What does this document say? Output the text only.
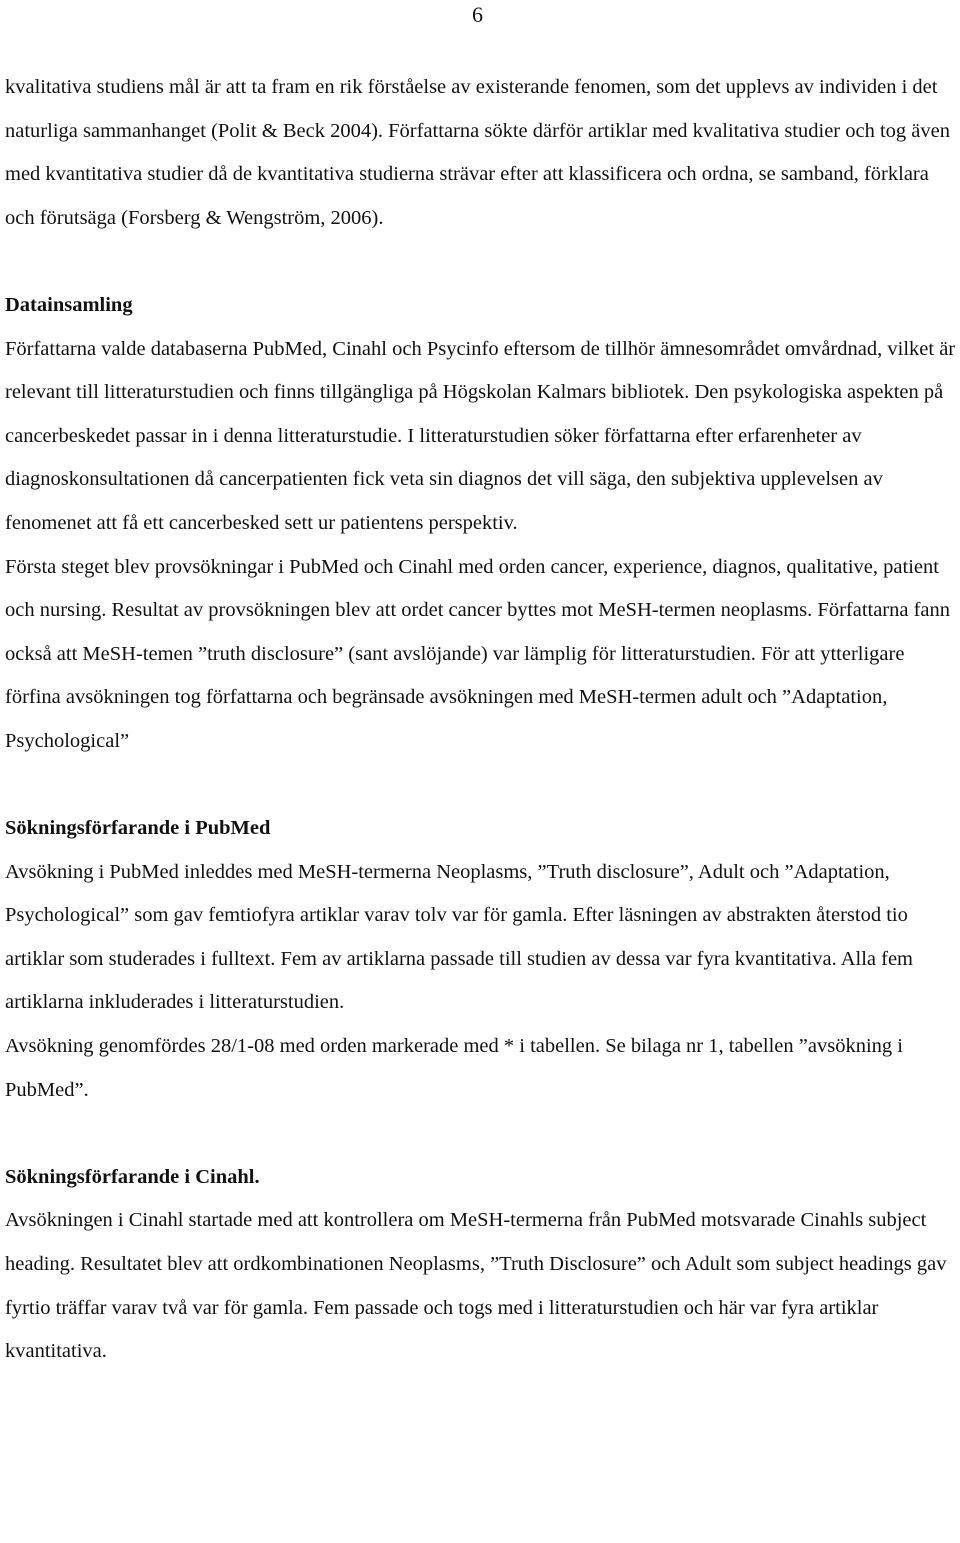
6

kvalitativa studiens mål är att ta fram en rik förståelse av existerande fenomen, som det upplevs av individen i det naturliga sammanhanget (Polit & Beck 2004). Författarna sökte därför artiklar med kvalitativa studier och tog även med kvantitativa studier då de kvantitativa studierna strävar efter att klassificera och ordna, se samband, förklara och förutsäga (Forsberg & Wengström, 2006).

Datainsamling

Författarna valde databaserna PubMed, Cinahl och Psycinfo eftersom de tillhör ämnesområdet omvårdnad, vilket är relevant till litteraturstudien och finns tillgängliga på Högskolan Kalmars bibliotek. Den psykologiska aspekten på cancerbeskedet passar in i denna litteraturstudie. I litteraturstudien söker författarna efter erfarenheter av diagnoskonsultationen då cancerpatienten fick veta sin diagnos det vill säga, den subjektiva upplevelsen av fenomenet att få ett cancerbesked sett ur patientens perspektiv.

Första steget blev provsökningar i PubMed och Cinahl med orden cancer, experience, diagnos, qualitative, patient och nursing. Resultat av provsökningen blev att ordet cancer byttes mot MeSH-termen neoplasms. Författarna fann också att MeSH-temen ”truth disclosure” (sant avslöjande) var lämplig för litteraturstudien. För att ytterligare förfina avsökningen tog författarna och begränsade avsökningen med MeSH-termen adult och ”Adaptation, Psychological”

Sökningsförfarande i PubMed

Avsökning i PubMed inleddes med MeSH-termerna Neoplasms, ”Truth disclosure”, Adult och ”Adaptation, Psychological” som gav femtiofyra artiklar varav tolv var för gamla. Efter läsningen av abstrakten återstod tio artiklar som studerades i fulltext. Fem av artiklarna passade till studien av dessa var fyra kvantitativa. Alla fem artiklarna inkluderades i litteraturstudien.

Avsökning genomfördes 28/1-08 med orden markerade med * i tabellen. Se bilaga nr 1, tabellen ”avsökning i PubMed”.

Sökningsförfarande i Cinahl.

Avsökningen i Cinahl startade med att kontrollera om MeSH-termerna från PubMed motsvarade Cinahls subject heading. Resultatet blev att ordkombinationen Neoplasms, ”Truth Disclosure” och Adult som subject headings gav fyrtio träffar varav två var för gamla. Fem passade och togs med i litteraturstudien och här var fyra artiklar kvantitativa.
